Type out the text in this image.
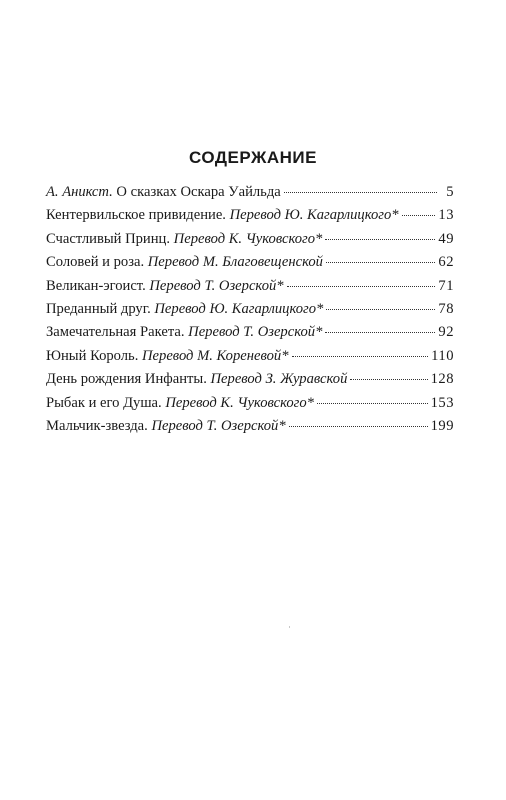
СОДЕРЖАНИЕ
А. Аникст. О сказках Оскара Уайльда	5
Кентервильское привидение. Перевод Ю. Кагарлицкого*	13
Счастливый Принц. Перевод К. Чуковского*	49
Соловей и роза. Перевод М. Благовещенской	62
Великан-эгоист. Перевод Т. Озерской*	71
Преданный друг. Перевод Ю. Кагарлицкого*	78
Замечательная Ракета. Перевод Т. Озерской*	92
Юный Король. Перевод М. Кореневой*	110
День рождения Инфанты. Перевод З. Журавской	128
Рыбак и его Душа. Перевод К. Чуковского*	153
Мальчик-звезда. Перевод Т. Озерской*	199
